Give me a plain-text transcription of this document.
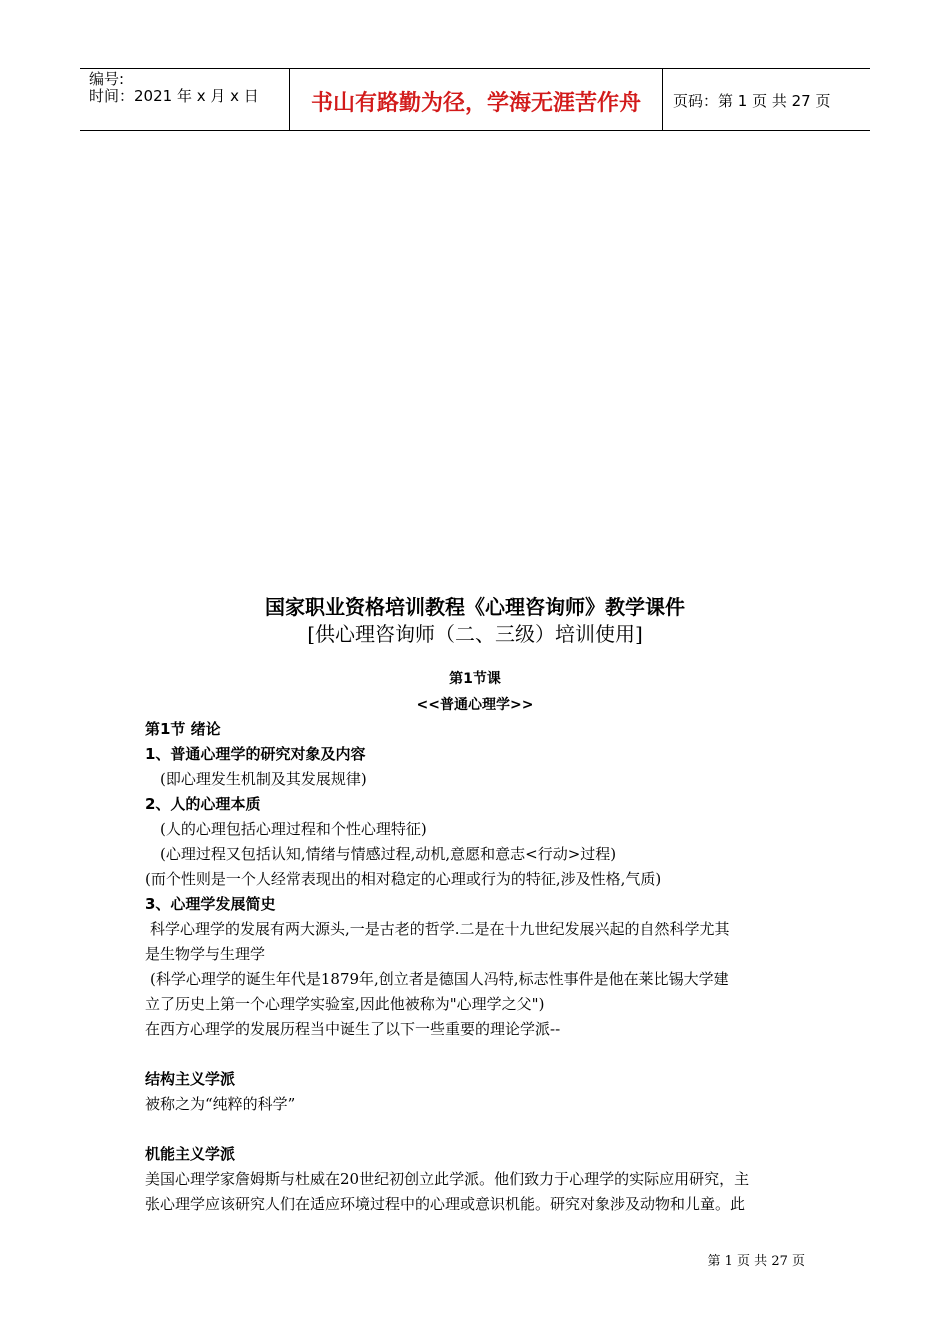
编号:
时间：2021 年 x 月 x 日	书山有路勤为径，学海无涯苦作舟	页码：第 1 页 共 27 页
国家职业资格培训教程《心理咨询师》教学课件
[供心理咨询师（二、三级）培训使用]
第1节课
<<普通心理学>>
第1节 绪论
1、普通心理学的研究对象及内容
(即心理发生机制及其发展规律)
2、人的心理本质
(人的心理包括心理过程和个性心理特征)
(心理过程又包括认知,情绪与情感过程,动机,意愿和意志<行动>过程)
(而个性则是一个人经常表现出的相对稳定的心理或行为的特征,涉及性格,气质)
3、心理学发展简史
科学心理学的发展有两大源头,一是古老的哲学.二是在十九世纪发展兴起的自然科学尤其
是生物学与生理学
(科学心理学的诞生年代是1879年,创立者是德国人冯特,标志性事件是他在莱比锡大学建
立了历史上第一个心理学实验室,因此他被称为"心理学之父")
在西方心理学的发展历程当中诞生了以下一些重要的理论学派--
结构主义学派
被称之为“纯粹的科学”
机能主义学派
美国心理学家詹姆斯与杜威在20世纪初创立此学派。他们致力于心理学的实际应用研究，主
张心理学应该研究人们在适应环境过程中的心理或意识机能。研究对象涉及动物和儿童。此
第 1 页 共 27 页
